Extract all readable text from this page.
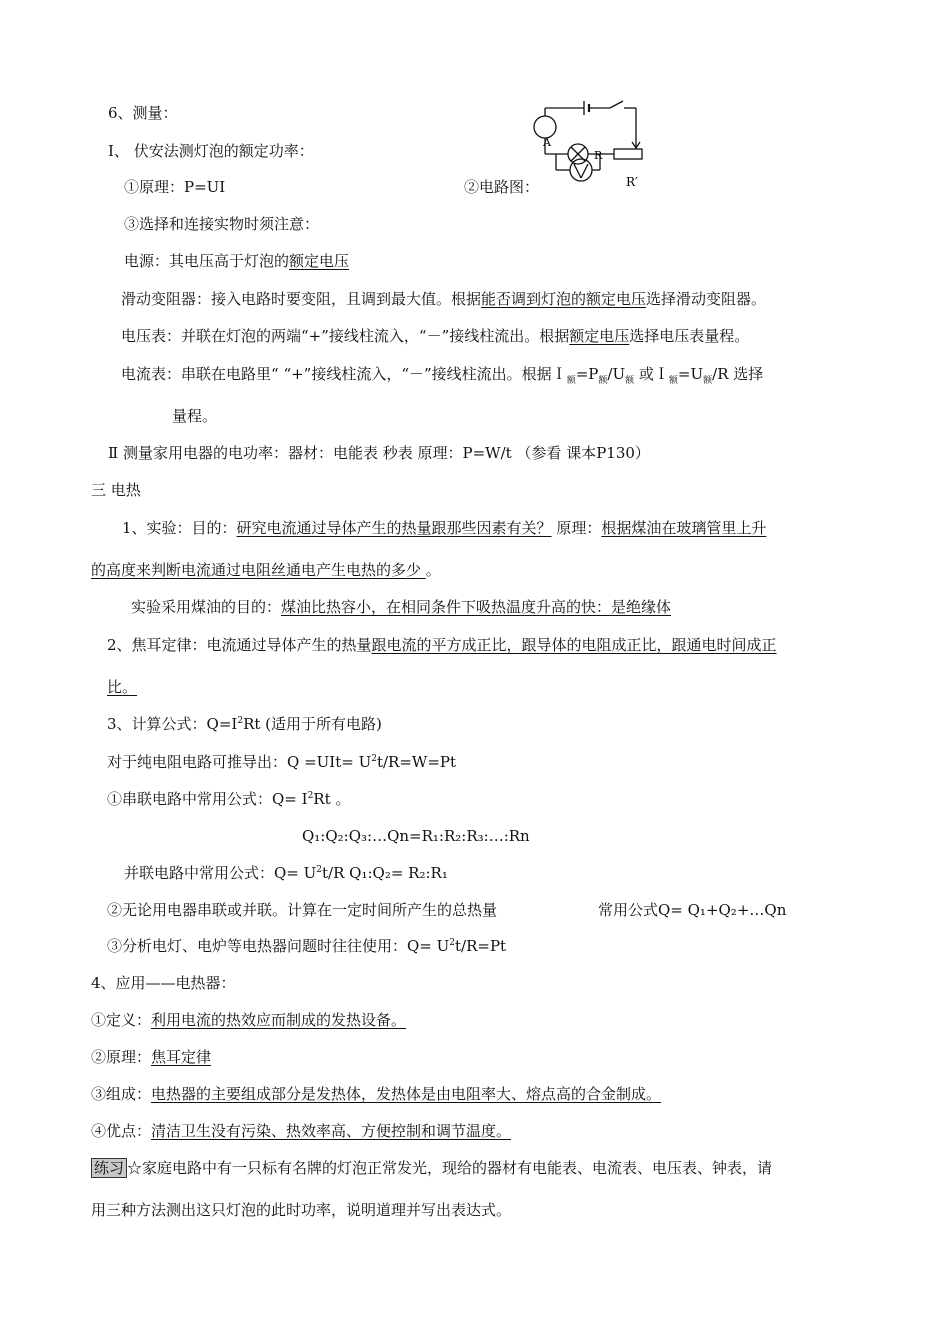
6、测量：
Ⅰ、 伏安法测灯泡的额定功率：
①原理：P=UI	②电路图：
A
R
R′
③选择和连接实物时须注意：
电源：其电压高于灯泡的额定电压
滑动变阻器：接入电路时要变阻，且调到最大值。根据能否调到灯泡的额定电压选择滑动变阻器。
电压表：并联在灯泡的两端“+”接线柱流入，“－”接线柱流出。根据额定电压选择电压表量程。
电流表：串联在电路里“ “+”接线柱流入，“－”接线柱流出。根据$I_额=P_额/U_额$ 或$I_额=U_额/R$ 选择
量程。
Ⅱ 测量家用电器的电功率：器材：电能表 秒表 原理：P=W/t （参看 课本P130）
三 电热
1、实验：目的：研究电流通过导体产生的热量跟那些因素有关？ 原理：根据煤油在玻璃管里上升
的高度来判断电流通过电阻丝通电产生电热的多少 。
实验采用煤油的目的：煤油比热容小，在相同条件下吸热温度升高的快：是绝缘体
2、焦耳定律：电流通过导体产生的热量跟电流的平方成正比，跟导体的电阻成正比，跟通电时间成正
比。
3、计算公式：$Q=I^2Rt$ (适用于所有电路)
对于纯电阻电路可推导出：$Q =UIt= U^2t/R=W=Pt$
①串联电路中常用公式：$Q= I^2Rt$ 。
Q₁:Q₂:Q₃:…Qn=R₁:R₂:R₃:…:Rn
并联电路中常用公式：$Q= U^2t/R$ Q₁:Q₂= R₂:R₁
②无论用电器串联或并联。计算在一定时间所产生的总热量	常用公式Q= Q₁+Q₂+…Qn
③分析电灯、电炉等电热器问题时往往使用：$Q= U^2t/R=Pt$
4、应用——电热器：
①定义：利用电流的热效应而制成的发热设备。
②原理：焦耳定律
③组成：电热器的主要组成部分是发热体，发热体是由电阻率大、熔点高的合金制成。
④优点：清洁卫生没有污染、热效率高、方便控制和调节温度。
练习 ☆家庭电路中有一只标有名牌的灯泡正常发光，现给的器材有电能表、电流表、电压表、钟表，请
用三种方法测出这只灯泡的此时功率，说明道理并写出表达式。
